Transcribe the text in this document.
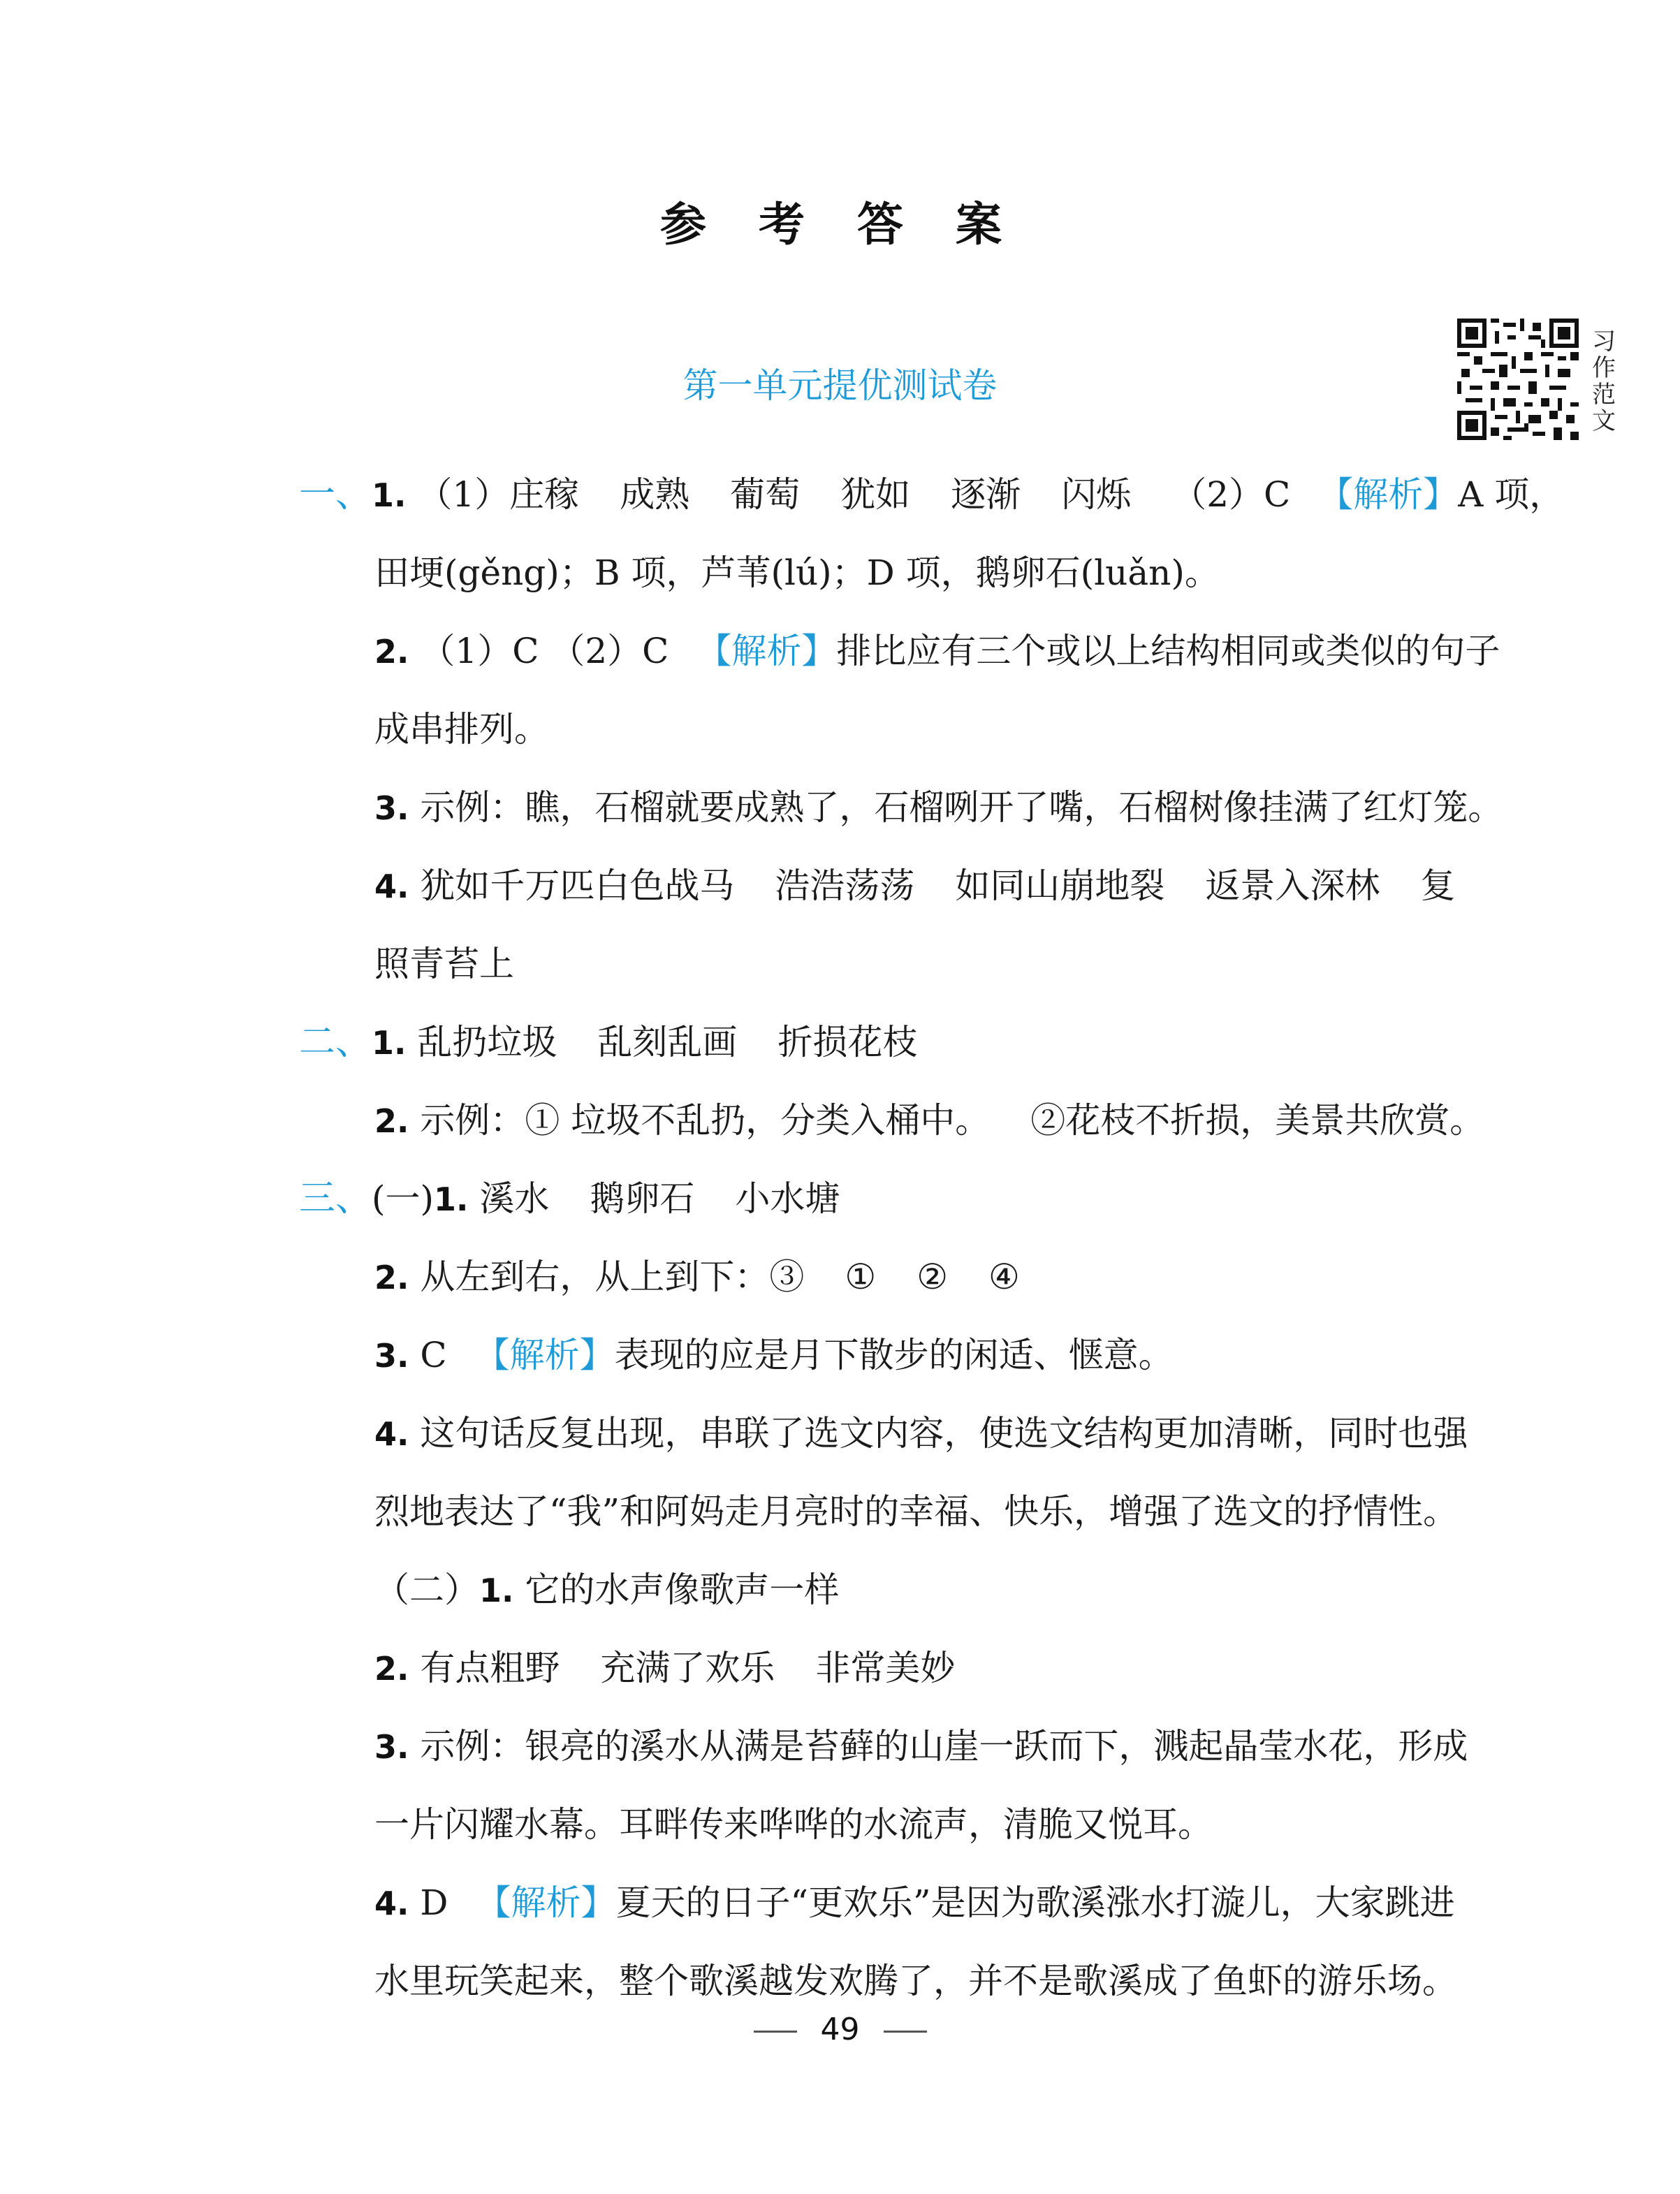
参 考 答 案
第一单元提优测试卷
习
作
范
文
一、1. （1）庄稼 成熟 葡萄 犹如 逐渐 闪烁 （2）C 【解析】A 项，
田埂(gěng)；B 项，芦苇(lú)；D 项，鹅卵石(luǎn)。
2. （1）C （2）C 【解析】排比应有三个或以上结构相同或类似的句子
成串排列。
3. 示例：瞧，石榴就要成熟了，石榴咧开了嘴，石榴树像挂满了红灯笼。
4. 犹如千万匹白色战马 浩浩荡荡 如同山崩地裂 返景入深林 复
照青苔上
二、1. 乱扔垃圾 乱刻乱画 折损花枝
2. 示例：① 垃圾不乱扔，分类入桶中。 ②花枝不折损，美景共欣赏。
三、(一)1. 溪水 鹅卵石 小水塘
2. 从左到右，从上到下：③ ① ② ④
3. C 【解析】表现的应是月下散步的闲适、惬意。
4. 这句话反复出现，串联了选文内容，使选文结构更加清晰，同时也强
烈地表达了“我”和阿妈走月亮时的幸福、快乐，增强了选文的抒情性。
（二）1. 它的水声像歌声一样
2. 有点粗野 充满了欢乐 非常美妙
3. 示例：银亮的溪水从满是苔藓的山崖一跃而下，溅起晶莹水花，形成
一片闪耀水幕。耳畔传来哗哗的水流声，清脆又悦耳。
4. D 【解析】夏天的日子“更欢乐”是因为歌溪涨水打漩儿，大家跳进
水里玩笑起来，整个歌溪越发欢腾了，并不是歌溪成了鱼虾的游乐场。
49
